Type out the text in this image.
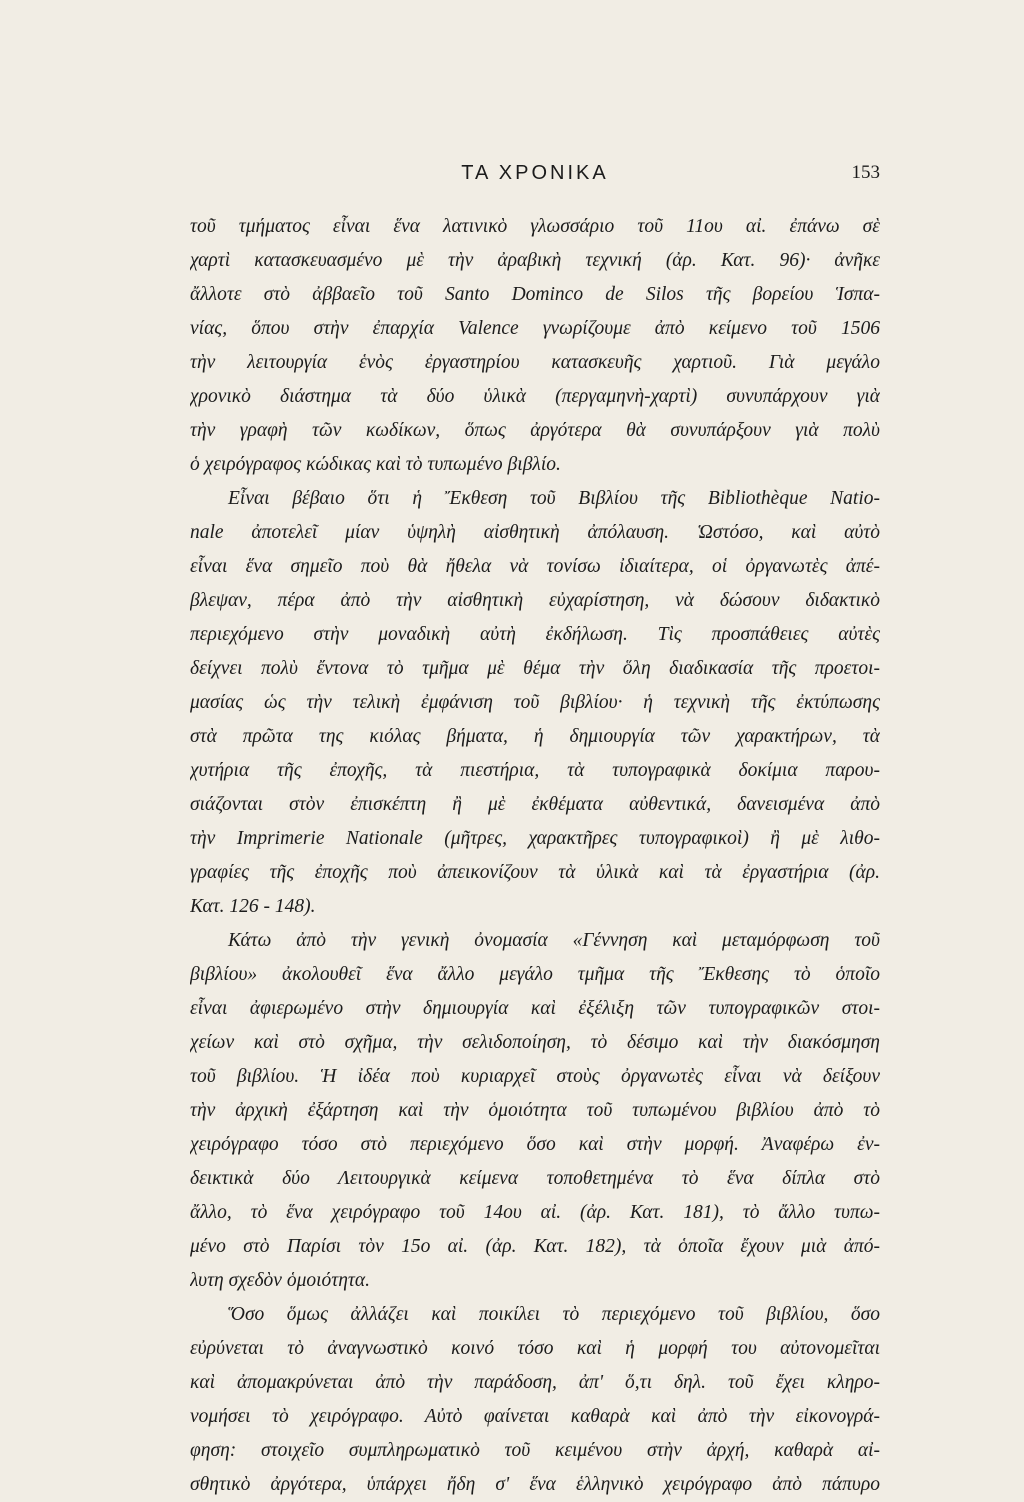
ΤΑ ΧΡΟΝΙΚΑ	153
τοῦ τμήματος εἶναι ἕνα λατινικὸ γλωσσάριο τοῦ 11ου αἰ. ἐπάνω σὲ
χαρτὶ κατασκευασμένο μὲ τὴν ἀραβικὴ τεχνική (ἀρ. Κατ. 96)· ἀνῆκε
ἄλλοτε στὸ ἀββαεῖο τοῦ Santo Dominco de Silos τῆς βορείου Ἱσπα-
νίας, ὅπου στὴν ἐπαρχία Valence γνωρίζουμε ἀπὸ κείμενο τοῦ 1506
τὴν λειτουργία ἑνὸς ἐργαστηρίου κατασκευῆς χαρτιοῦ. Γιὰ μεγάλο
χρονικὸ διάστημα τὰ δύο ὑλικὰ (περγαμηνὴ-χαρτὶ) συνυπάρχουν γιὰ
τὴν γραφὴ τῶν κωδίκων, ὅπως ἀργότερα θὰ συνυπάρξουν γιὰ πολὺ
ὁ χειρόγραφος κώδικας καὶ τὸ τυπωμένο βιβλίο.
Εἶναι βέβαιο ὅτι ἡ Ἔκθεση τοῦ Βιβλίου τῆς Bibliothèque Natio-
nale ἀποτελεῖ μίαν ὑψηλὴ αἰσθητικὴ ἀπόλαυση. Ὡστόσο, καὶ αὐτὸ
εἶναι ἕνα σημεῖο ποὺ θὰ ἤθελα νὰ τονίσω ἰδιαίτερα, οἱ ὀργανωτὲς ἀπέ-
βλεψαν, πέρα ἀπὸ τὴν αἰσθητικὴ εὐχαρίστηση, νὰ δώσουν διδακτικὸ
περιεχόμενο στὴν μοναδικὴ αὐτὴ ἐκδήλωση. Τὶς προσπάθειες αὐτὲς
δείχνει πολὺ ἔντονα τὸ τμῆμα μὲ θέμα τὴν ὅλη διαδικασία τῆς προετοι-
μασίας ὡς τὴν τελικὴ ἐμφάνιση τοῦ βιβλίου· ἡ τεχνικὴ τῆς ἐκτύπωσης
στὰ πρῶτα της κιόλας βήματα, ἡ δημιουργία τῶν χαρακτήρων, τὰ
χυτήρια τῆς ἐποχῆς, τὰ πιεστήρια, τὰ τυπογραφικὰ δοκίμια παρου-
σιάζονται στὸν ἐπισκέπτη ἢ μὲ ἐκθέματα αὐθεντικά, δανεισμένα ἀπὸ
τὴν Imprimerie Nationale (μῆτρες, χαρακτῆρες τυπογραφικοὶ) ἢ μὲ λιθο-
γραφίες τῆς ἐποχῆς ποὺ ἀπεικονίζουν τὰ ὑλικὰ καὶ τὰ ἐργαστήρια (ἀρ.
Κατ. 126 - 148).
Κάτω ἀπὸ τὴν γενικὴ ὀνομασία «Γέννηση καὶ μεταμόρφωση τοῦ
βιβλίου» ἀκολουθεῖ ἕνα ἄλλο μεγάλο τμῆμα τῆς Ἔκθεσης τὸ ὁποῖο
εἶναι ἀφιερωμένο στὴν δημιουργία καὶ ἐξέλιξη τῶν τυπογραφικῶν στοι-
χείων καὶ στὸ σχῆμα, τὴν σελιδοποίηση, τὸ δέσιμο καὶ τὴν διακόσμηση
τοῦ βιβλίου. Ἡ ἰδέα ποὺ κυριαρχεῖ στοὺς ὀργανωτὲς εἶναι νὰ δείξουν
τὴν ἀρχικὴ ἐξάρτηση καὶ τὴν ὁμοιότητα τοῦ τυπωμένου βιβλίου ἀπὸ τὸ
χειρόγραφο τόσο στὸ περιεχόμενο ὅσο καὶ στὴν μορφή. Ἀναφέρω ἐν-
δεικτικὰ δύο Λειτουργικὰ κείμενα τοποθετημένα τὸ ἕνα δίπλα στὸ
ἄλλο, τὸ ἕνα χειρόγραφο τοῦ 14ου αἰ. (ἀρ. Κατ. 181), τὸ ἄλλο τυπω-
μένο στὸ Παρίσι τὸν 15ο αἰ. (ἀρ. Κατ. 182), τὰ ὁποῖα ἔχουν μιὰ ἀπό-
λυτη σχεδὸν ὁμοιότητα.
Ὅσο ὅμως ἀλλάζει καὶ ποικίλει τὸ περιεχόμενο τοῦ βιβλίου, ὅσο
εὐρύνεται τὸ ἀναγνωστικὸ κοινό τόσο καὶ ἡ μορφή του αὐτονομεῖται
καὶ ἀπομακρύνεται ἀπὸ τὴν παράδοση, ἀπ' ὅ,τι δηλ. τοῦ ἔχει κληρο-
νομήσει τὸ χειρόγραφο. Αὐτὸ φαίνεται καθαρὰ καὶ ἀπὸ τὴν εἰκονογρά-
φηση: στοιχεῖο συμπληρωματικὸ τοῦ κειμένου στὴν ἀρχή, καθαρὰ αἰ-
σθητικὸ ἀργότερα, ὑπάρχει ἤδη σ' ἕνα ἑλληνικὸ χειρόγραφο ἀπὸ πάπυρο
